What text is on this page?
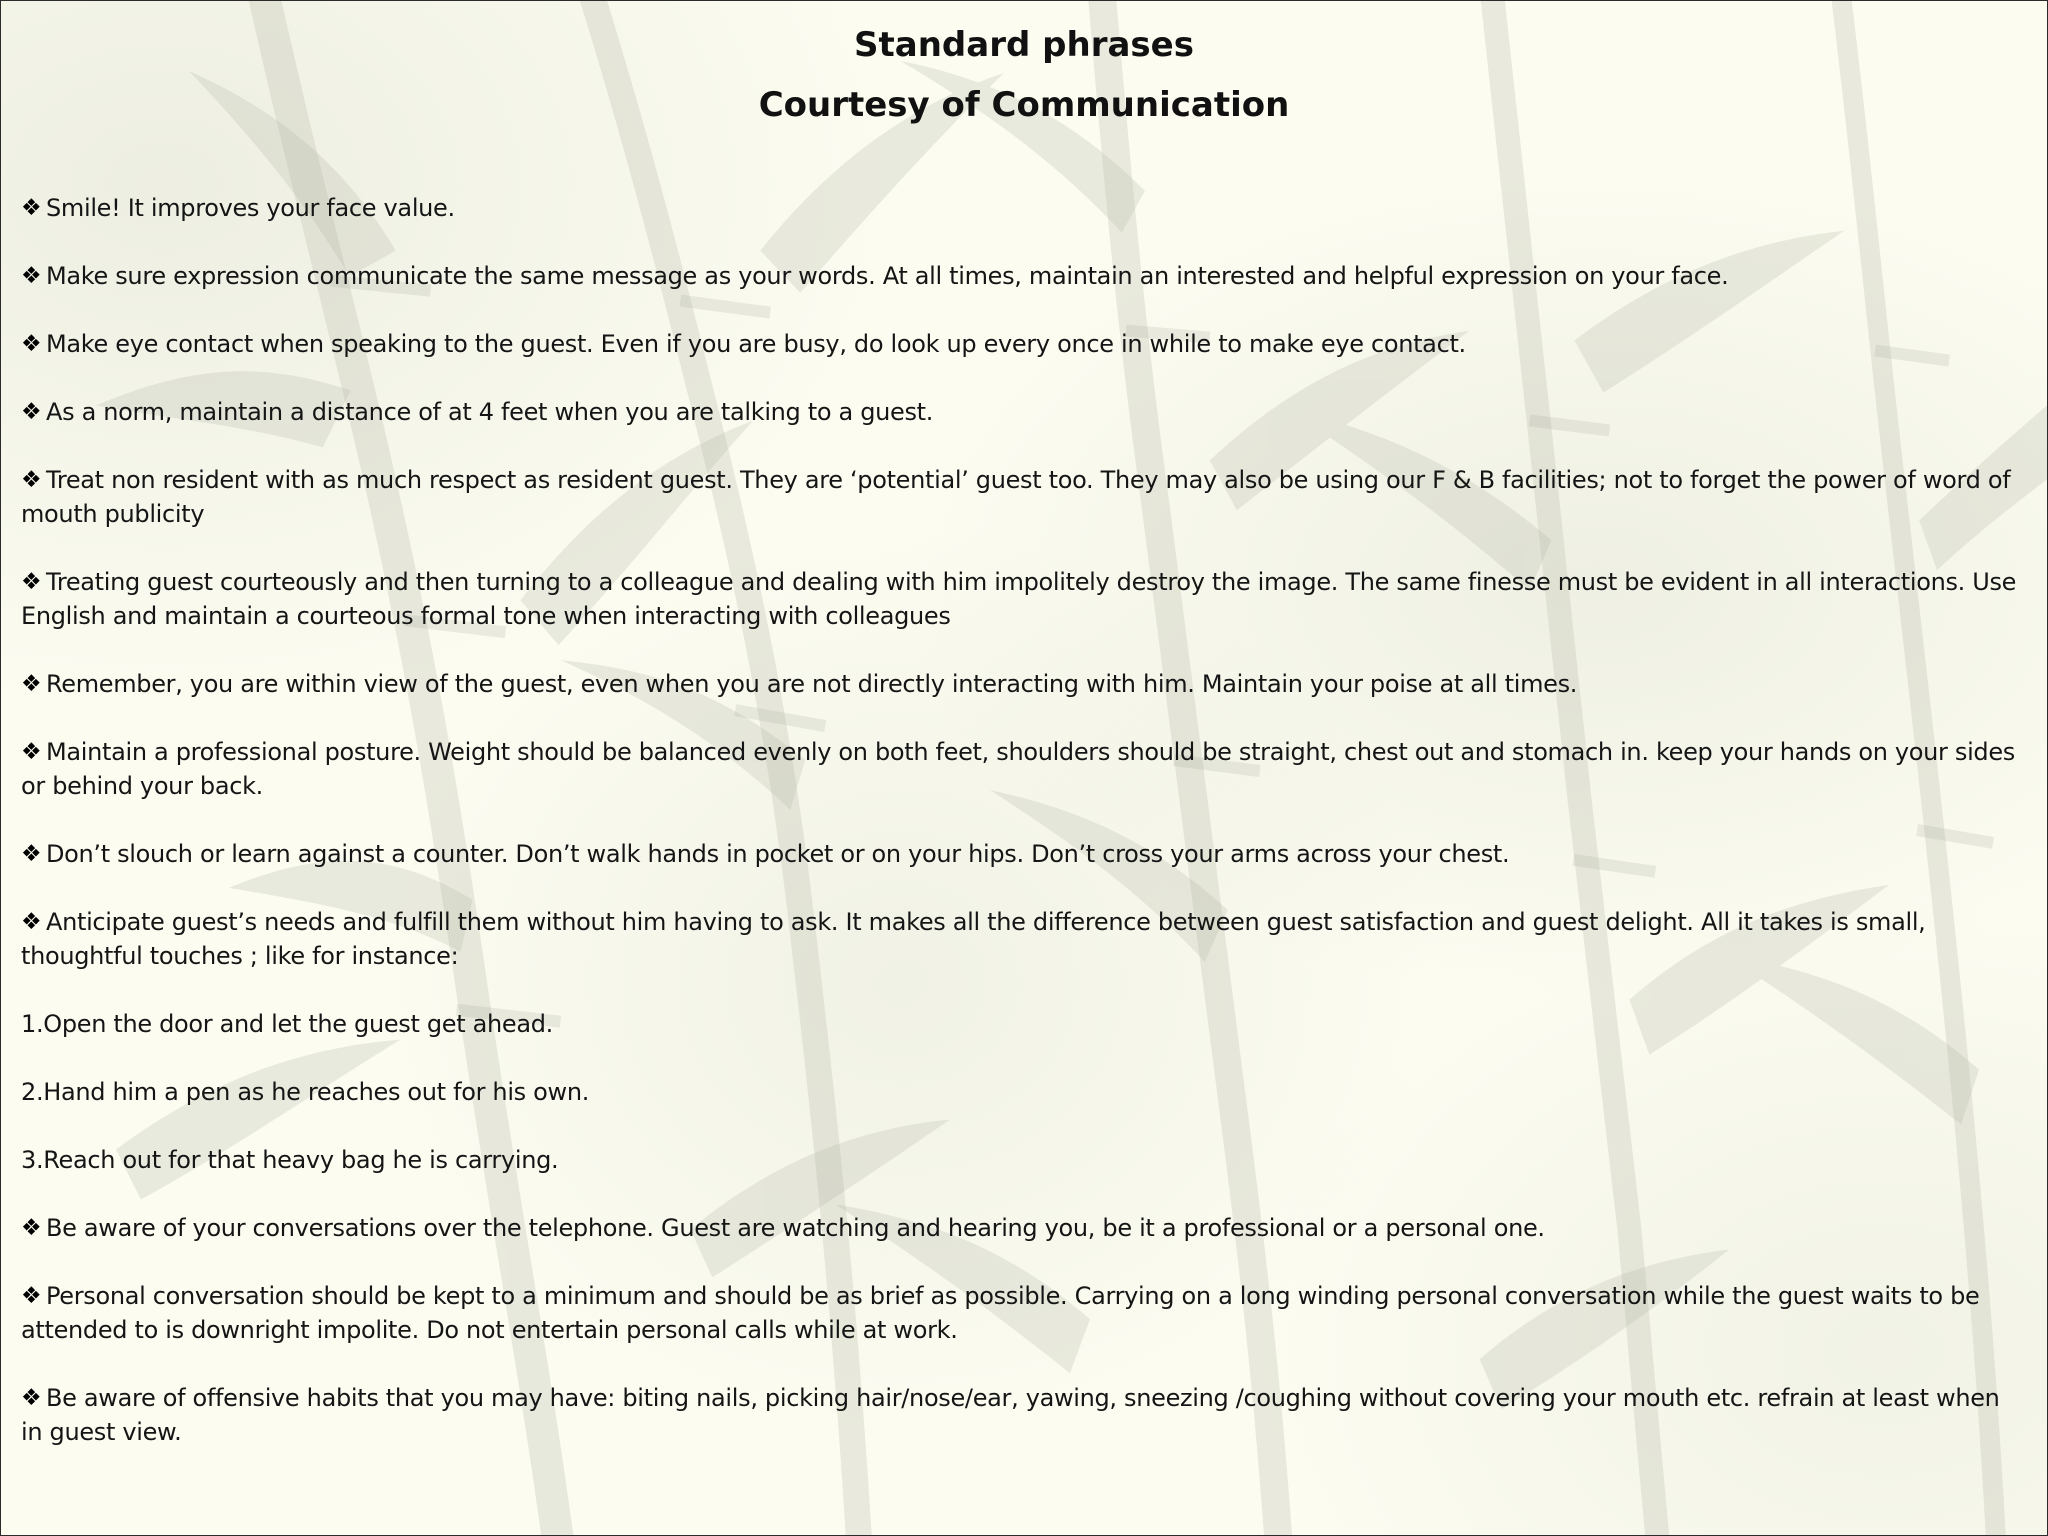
Standard phrases
Courtesy of Communication
❖ Smile! It improves your face value.
❖ Make sure expression communicate the same message as your words. At all times, maintain an interested and helpful expression on your face.
❖ Make eye contact when speaking to the guest. Even if you are busy, do look up every once in while to make eye contact.
❖ As a norm, maintain a distance of at 4 feet when you are talking to a guest.
❖ Treat non resident with as much respect as resident guest. They are ‘potential’ guest too. They may also be using our F & B facilities; not to forget the power of word of mouth publicity
❖ Treating guest courteously and then turning to a colleague and dealing with him impolitely destroy the image. The same finesse must be evident in all interactions. Use English and maintain a courteous formal tone when interacting with colleagues
❖ Remember, you are within view of the guest, even when you are not directly interacting with him. Maintain your poise at all times.
❖ Maintain a professional posture. Weight should be balanced evenly on both feet, shoulders should be straight, chest out and stomach in. keep your hands on your sides or behind your back.
❖ Don’t slouch or learn against a counter. Don’t walk hands in pocket or on your hips. Don’t cross your arms across your chest.
❖ Anticipate guest’s needs and fulfill them without him having to ask. It makes all the difference between guest satisfaction and guest delight. All it takes is small, thoughtful touches ; like for instance:
1.Open the door and let the guest get ahead.
2.Hand him a pen as he reaches out for his own.
3.Reach out for that heavy bag he is carrying.
❖ Be aware of your conversations over the telephone. Guest are watching and hearing you, be it a professional or a personal one.
❖ Personal conversation should be kept to a minimum and should be as brief as possible. Carrying on a long winding personal conversation while the guest waits to be attended to is downright impolite. Do not entertain personal calls while at work.
❖ Be aware of offensive habits that you may have: biting nails, picking hair/nose/ear, yawing, sneezing /coughing without covering your mouth etc. refrain at least when in guest view.
